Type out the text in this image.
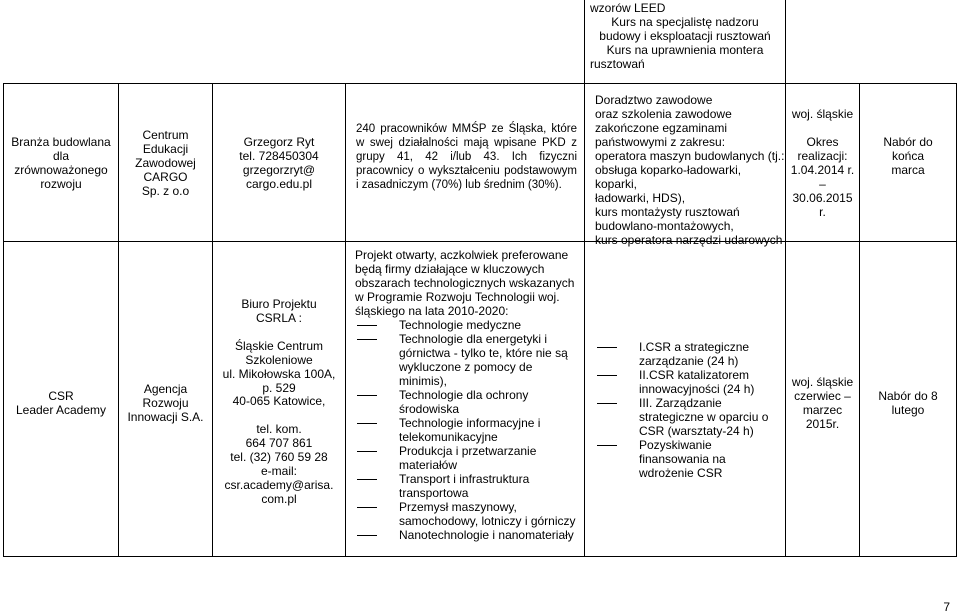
wzorów LEED
Kurs na specjalistę nadzoru
budowy i eksploatacji rusztowań
Kurs na uprawnienia montera
rusztowań
Branża budowlana
dla
zrównoważonego
rozwoju
Centrum
Edukacji
Zawodowej
CARGO
Sp. z o.o
Grzegorz Ryt
tel. 728450304
grzegorzryt@
cargo.edu.pl
240 pracowników MMŚP ze Śląska, które w swej działalności mają wpisane PKD z grupy 41, 42 i/lub 43. Ich fizyczni pracownicy o wykształceniu podstawowym i zasadniczym (70%) lub średnim (30%).
Doradztwo zawodowe
oraz szkolenia zawodowe
zakończone egzaminami
państwowymi z zakresu:
operatora maszyn budowlanych (tj.:
obsługa koparko-ładowarki, koparki,
ładowarki, HDS),
kurs montażysty rusztowań
budowlano-montażowych,
kurs operatora narzędzi udarowych
woj. śląskie
Okres
realizacji:
1.04.2014 r.
–
30.06.2015
r.
Nabór do
końca
marca
CSR
Leader Academy
Agencja
Rozwoju
Innowacji S.A.
Biuro Projektu
CSRLA :
Śląskie Centrum
Szkoleniowe
ul. Mikołowska 100A,
p. 529
40-065 Katowice,
tel. kom.
664 707 861
tel. (32) 760 59 28
e-mail:
csr.academy@arisa.
com.pl
Projekt otwarty, aczkolwiek preferowane będą firmy działające w kluczowych obszarach technologicznych wskazanych w Programie Rozwoju Technologii woj. śląskiego na lata 2010-2020:
Technologie medyczne
Technologie dla energetyki i górnictwa - tylko te, które nie są wykluczone z pomocy de minimis),
Technologie dla ochrony środowiska
Technologie informacyjne i telekomunikacyjne
Produkcja i przetwarzanie materiałów
Transport i infrastruktura transportowa
Przemysł maszynowy, samochodowy, lotniczy i górniczy
Nanotechnologie i nanomateriały
I.CSR a strategiczne zarządzanie (24 h)
II.CSR katalizatorem innowacyjności (24 h)
III. Zarządzanie strategiczne w oparciu o CSR (warsztaty-24 h)
Pozyskiwanie finansowania na wdrożenie CSR
woj. śląskie
czerwiec –
marzec
2015r.
Nabór do 8
lutego
7
